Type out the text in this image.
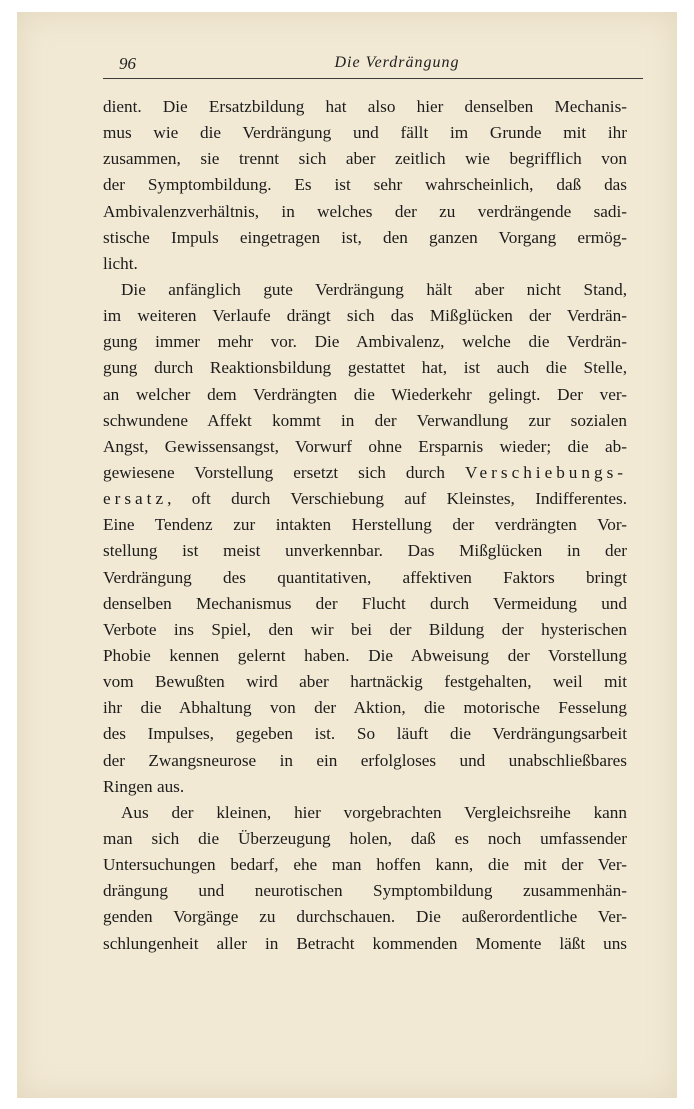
96	Die Verdrängung
dient. Die Ersatzbildung hat also hier denselben Mechanis-
mus wie die Verdrängung und fällt im Grunde mit ihr
zusammen, sie trennt sich aber zeitlich wie begrifflich von
der Symptombildung. Es ist sehr wahrscheinlich, daß das
Ambivalenzverhältnis, in welches der zu verdrängende sadi-
stische Impuls eingetragen ist, den ganzen Vorgang ermög-
licht.
Die anfänglich gute Verdrängung hält aber nicht Stand,
im weiteren Verlaufe drängt sich das Mißglücken der Verdrän-
gung immer mehr vor. Die Ambivalenz, welche die Verdrän-
gung durch Reaktionsbildung gestattet hat, ist auch die Stelle,
an welcher dem Verdrängten die Wiederkehr gelingt. Der ver-
schwundene Affekt kommt in der Verwandlung zur sozialen
Angst, Gewissensangst, Vorwurf ohne Ersparnis wieder; die ab-
gewiesene Vorstellung ersetzt sich durch Verschiebungs-
ersatz, oft durch Verschiebung auf Kleinstes, Indifferentes.
Eine Tendenz zur intakten Herstellung der verdrängten Vor-
stellung ist meist unverkennbar. Das Mißglücken in der
Verdrängung des quantitativen, affektiven Faktors bringt
denselben Mechanismus der Flucht durch Vermeidung und
Verbote ins Spiel, den wir bei der Bildung der hysterischen
Phobie kennen gelernt haben. Die Abweisung der Vorstellung
vom Bewußten wird aber hartnäckig festgehalten, weil mit
ihr die Abhaltung von der Aktion, die motorische Fesselung
des Impulses, gegeben ist. So läuft die Verdrängungsarbeit
der Zwangsneurose in ein erfolgloses und unabschließbares
Ringen aus.
Aus der kleinen, hier vorgebrachten Vergleichsreihe kann
man sich die Überzeugung holen, daß es noch umfassender
Untersuchungen bedarf, ehe man hoffen kann, die mit der Ver-
drängung und neurotischen Symptombildung zusammenhän-
genden Vorgänge zu durchschauen. Die außerordentliche Ver-
schlungenheit aller in Betracht kommenden Momente läßt uns
